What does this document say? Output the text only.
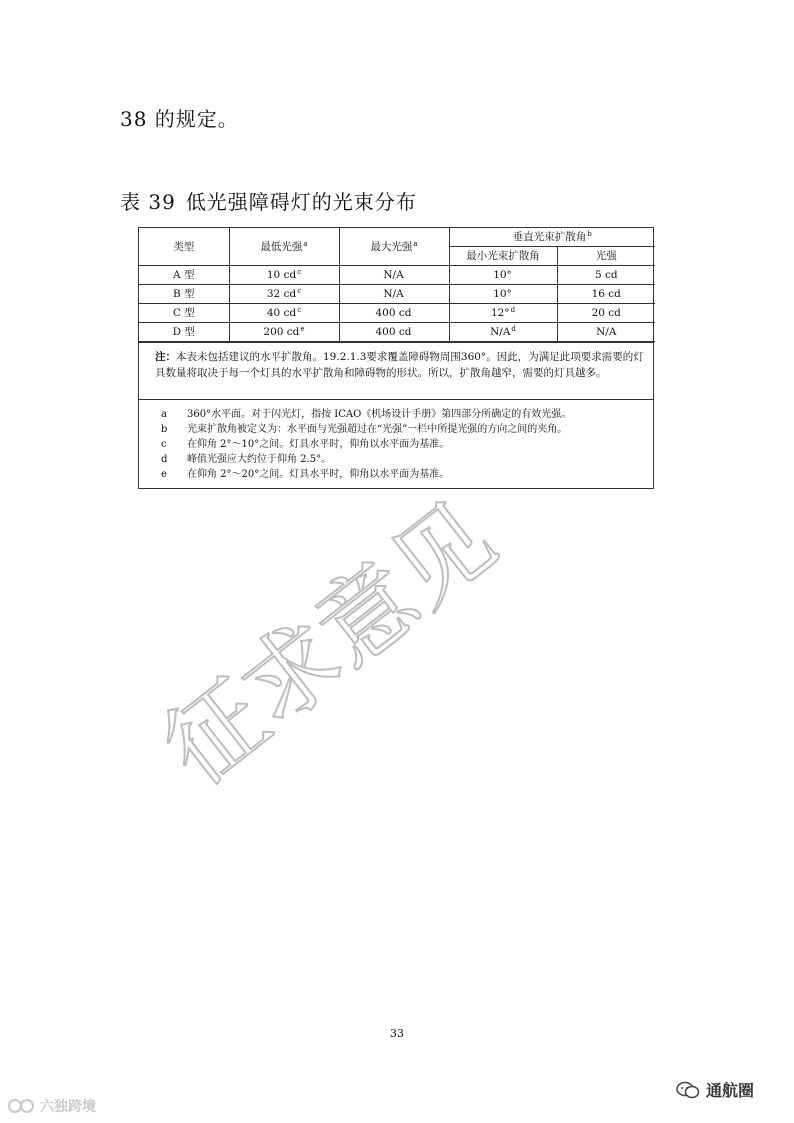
38 的规定。
表 39 低光强障碍灯的光束分布
类型	最低光强$^a$	最大光强$^a$	垂直光束扩散角$^b$
			最小光束扩散角	光强
A 型	10 $cd^c$	N/A	10°	5 cd
B 型	32 $cd^c$	N/A	10°	16 cd
C 型	40 $cd^c$	400 cd	12°$^d$	20 cd
D 型	200 $cd^e$	400 cd	$N/A^d$	N/A
注：本表未包括建议的水平扩散角。19.2.1.3要求覆盖障碍物周围360°。因此，为满足此项要求需要的灯具数量将取决于每一个灯具的水平扩散角和障碍物的形状。所以，扩散角越窄，需要的灯具越多。
a	360°水平面。对于闪光灯，指按 ICAO《机场设计手册》第四部分所确定的有效光强。
b	光束扩散角被定义为：水平面与光强超过在“光强”一栏中所提光强的方向之间的夹角。
c	在仰角 2°～10°之间。灯具水平时，仰角以水平面为基准。
d	峰值光强应大约位于仰角 2.5°。
e	在仰角 2°～20°之间。灯具水平时，仰角以水平面为基准。
征求意见
33
通航圈
六独跨境
